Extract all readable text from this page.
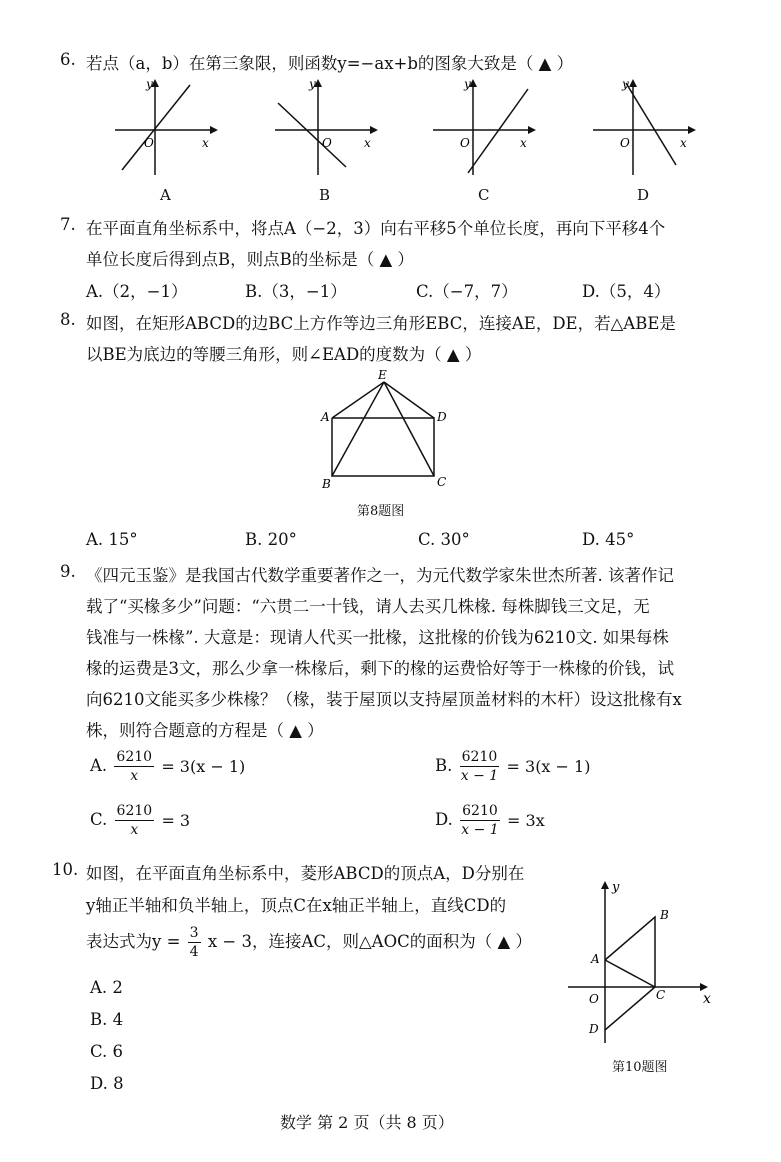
6. 若点（a，b）在第三象限，则函数y=−ax+b的图象大致是（ ▲ ）
y
x
O
A
y
x
O
B
y
x
O
C
y
x
O
D
7. 在平面直角坐标系中，将点A（−2，3）向右平移5个单位长度，再向下平移4个
单位长度后得到点B，则点B的坐标是（ ▲ ）
A.（2，−1）	B.（3，−1）	C.（−7，7）	D.（5，4）
8. 如图，在矩形ABCD的边BC上方作等边三角形EBC，连接AE，DE，若△ABE是
以BE为底边的等腰三角形，则∠EAD的度数为（ ▲ ）
E
A	D
B	C
第8题图
A. 15°	B. 20°	C. 30°	D. 45°
9. 《四元玉鉴》是我国古代数学重要著作之一，为元代数学家朱世杰所著. 该著作记
载了“买椽多少”问题：“六贯二一十钱，请人去买几株椽. 每株脚钱三文足，无
钱准与一株椽”. 大意是：现请人代买一批椽，这批椽的价钱为6210文. 如果每株
椽的运费是3文，那么少拿一株椽后，剩下的椽的运费恰好等于一株椽的价钱，试
向6210文能买多少株椽？（椽，装于屋顶以支持屋顶盖材料的木杆）设这批椽有x
株，则符合题意的方程是（ ▲ ）
A. $\frac{6210}{x} = 3(x - 1)$	B. $\frac{6210}{x - 1} = 3(x - 1)$
C. $\frac{6210}{x} = 3$	D. $\frac{6210}{x - 1} = 3x$
10. 如图，在平面直角坐标系中，菱形ABCD的顶点A，D分别在
y轴正半轴和负半轴上，顶点C在x轴正半轴上，直线CD的
表达式为$y = \frac{3}{4}$ x − 3，连接AC，则△AOC的面积为（ ▲ ）
A. 2
B. 4
C. 6
D. 8
y
x
A
B
C
O
D
第10题图
数学 第 2 页（共 8 页）
